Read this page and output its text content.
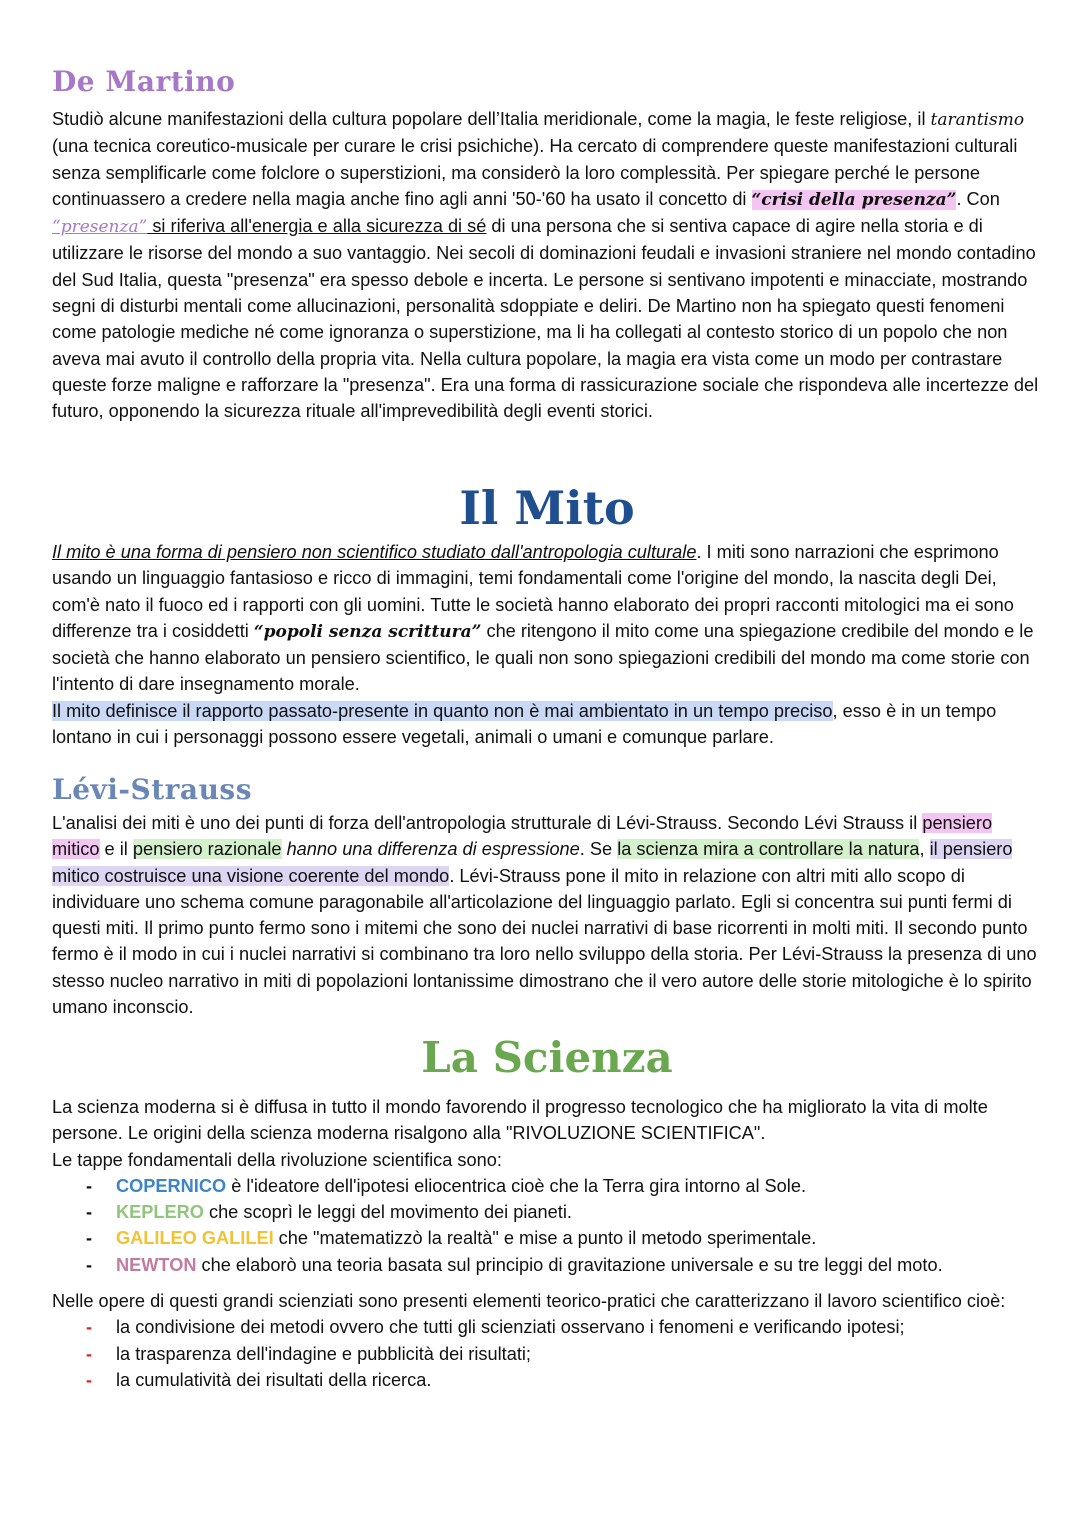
De Martino

Studiò alcune manifestazioni della cultura popolare dell’Italia meridionale, come la magia, le feste religiose, il tarantismo (una tecnica coreutico-musicale per curare le crisi psichiche). Ha cercato di comprendere queste manifestazioni culturali senza semplificarle come folclore o superstizioni, ma considerò la loro complessità. Per spiegare perché le persone continuassero a credere nella magia anche fino agli anni '50-'60 ha usato il concetto di “crisi della presenza”. Con “presenza” si riferiva all'energia e alla sicurezza di sé di una persona che si sentiva capace di agire nella storia e di utilizzare le risorse del mondo a suo vantaggio. Nei secoli di dominazioni feudali e invasioni straniere nel mondo contadino del Sud Italia, questa "presenza" era spesso debole e incerta. Le persone si sentivano impotenti e minacciate, mostrando segni di disturbi mentali come allucinazioni, personalità sdoppiate e deliri. De Martino non ha spiegato questi fenomeni come patologie mediche né come ignoranza o superstizione, ma li ha collegati al contesto storico di un popolo che non aveva mai avuto il controllo della propria vita. Nella cultura popolare, la magia era vista come un modo per contrastare queste forze maligne e rafforzare la "presenza". Era una forma di rassicurazione sociale che rispondeva alle incertezze del futuro, opponendo la sicurezza rituale all'imprevedibilità degli eventi storici.

Il Mito

Il mito è una forma di pensiero non scientifico studiato dall'antropologia culturale. I miti sono narrazioni che esprimono usando un linguaggio fantasioso e ricco di immagini, temi fondamentali come l'origine del mondo, la nascita degli Dei, com'è nato il fuoco ed i rapporti con gli uomini. Tutte le società hanno elaborato dei propri racconti mitologici ma ei sono differenze tra i cosiddetti “popoli senza scrittura” che ritengono il mito come una spiegazione credibile del mondo e le società che hanno elaborato un pensiero scientifico, le quali non sono spiegazioni credibili del mondo ma come storie con l'intento di dare insegnamento morale.
Il mito definisce il rapporto passato-presente in quanto non è mai ambientato in un tempo preciso, esso è in un tempo lontano in cui i personaggi possono essere vegetali, animali o umani e comunque parlare.

Lévi-Strauss

L'analisi dei miti è uno dei punti di forza dell'antropologia strutturale di Lévi-Strauss. Secondo Lévi Strauss il pensiero mitico e il pensiero razionale hanno una differenza di espressione. Se la scienza mira a controllare la natura, il pensiero mitico costruisce una visione coerente del mondo. Lévi-Strauss pone il mito in relazione con altri miti allo scopo di individuare uno schema comune paragonabile all'articolazione del linguaggio parlato. Egli si concentra sui punti fermi di questi miti. Il primo punto fermo sono i mitemi che sono dei nuclei narrativi di base ricorrenti in molti miti. Il secondo punto fermo è il modo in cui i nuclei narrativi si combinano tra loro nello sviluppo della storia. Per Lévi-Strauss la presenza di uno stesso nucleo narrativo in miti di popolazioni lontanissime dimostrano che il vero autore delle storie mitologiche è lo spirito umano inconscio.

La Scienza

La scienza moderna si è diffusa in tutto il mondo favorendo il progresso tecnologico che ha migliorato la vita di molte persone. Le origini della scienza moderna risalgono alla "RIVOLUZIONE SCIENTIFICA".

Le tappe fondamentali della rivoluzione scientifica sono:

- COPERNICO è l'ideatore dell'ipotesi eliocentrica cioè che la Terra gira intorno al Sole.
- KEPLERO che scoprì le leggi del movimento dei pianeti.
- GALILEO GALILEI che "matematizzò la realtà" e mise a punto il metodo sperimentale.
- NEWTON che elaborò una teoria basata sul principio di gravitazione universale e su tre leggi del moto.

Nelle opere di questi grandi scienziati sono presenti elementi teorico-pratici che caratterizzano il lavoro scientifico cioè:

- la condivisione dei metodi ovvero che tutti gli scienziati osservano i fenomeni e verificando ipotesi;
- la trasparenza dell'indagine e pubblicità dei risultati;
- la cumulatività dei risultati della ricerca.
